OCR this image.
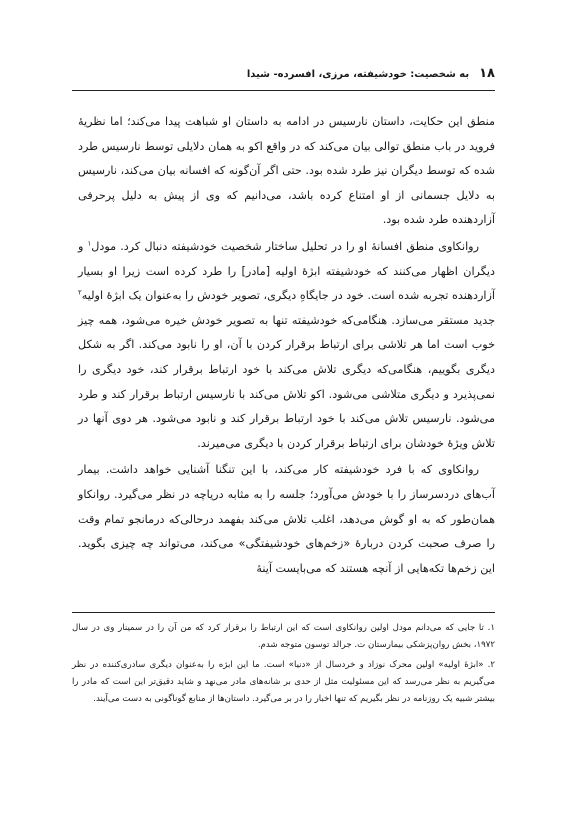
۱۸
به شخصیت: خودشیفته، مرزی، افسرده- شیدا

منطق این حکایت، داستان نارسیس در ادامه به داستان او شباهت پیدا می‌کند؛ اما نظریهٔ فروید در باب منطق توالی بیان می‌کند که در واقع اکو به همان دلایلی توسط نارسیس طرد شده که توسط دیگران نیز طرد شده بود. حتی اگر آن‌گونه که افسانه بیان می‌کند، نارسیس به دلایل جسمانی از او امتناع کرده باشد، می‌دانیم که وی از پیش به دلیل پرحرفی آزاردهنده طرد شده بود.

روانکاوی منطق افسانهٔ او را در تحلیل ساختار شخصیت خودشیفته دنبال کرد. مودل$^۱$ و دیگران اظهار می‌کنند که خودشیفته ابژهٔ اولیه [مادر] را طرد کرده است زیرا او بسیار آزاردهنده تجربه شده است. خود در جایگاهِ دیگری، تصویر خودش را به‌عنوان یک ابژهٔ اولیه$^۲$ جدید مستقر می‌سازد. هنگامی‌که خودشیفته تنها به تصویر خودش خیره می‌شود، همه چیز خوب است اما هر تلاشی برای ارتباط برقرار کردن با آن، او را نابود می‌کند. اگر به شکل دیگری بگوییم، هنگامی‌که دیگری تلاش می‌کند با خود ارتباط برقرار کند، خود دیگری را نمی‌پذیرد و دیگری متلاشی می‌شود. اکو تلاش می‌کند با نارسیس ارتباط برقرار کند و طرد می‌شود. نارسیس تلاش می‌کند با خود ارتباط برقرار کند و نابود می‌شود. هر دوی آنها در تلاش ویژهٔ خودشان برای ارتباط برقرار کردن با دیگری می‌میرند.

روانکاوی که با فرد خودشیفته کار می‌کند، با این تنگنا آشنایی خواهد داشت. بیمار آب‌های دردسرساز را با خودش می‌آورد؛ جلسه را به مثابه دریاچه در نظر می‌گیرد. روانکاو همان‌طور که به او گوش می‌دهد، اغلب تلاش می‌کند بفهمد درحالی‌که درمانجو تمام وقت را صرف صحبت کردن دربارهٔ «زخم‌های خودشیفتگی» می‌کند، می‌تواند چه چیزی بگوید. این زخم‌ها تکه‌هایی از آنچه هستند که می‌بایست آینهٔ

۱. تا جایی که می‌دانم مودل اولین روانکاوی است که این ارتباط را برقرار کرد که من آن را در سمینار وی در سال ۱۹۷۲، بخش روان‌پزشکی بیمارستان ت. جرالد توسون متوجه شدم.

۲. «ابژهٔ اولیه» اولین محرک نوزاد و خردسال از «دنیا» است. ما این ابژه را به‌عنوان دیگری سادری‌کننده در نظر می‌گیریم به نظر می‌رسد که این مسئولیت مثل از حدی بر شانه‌های مادر می‌نهد و شاید دقیق‌تر این است که مادر را بیشتر شبیه یک روزنامه در نظر بگیریم که تنها اخبار را در بر می‌گیرد. داستان‌ها از منابع گوناگونی به دست می‌آیند.
